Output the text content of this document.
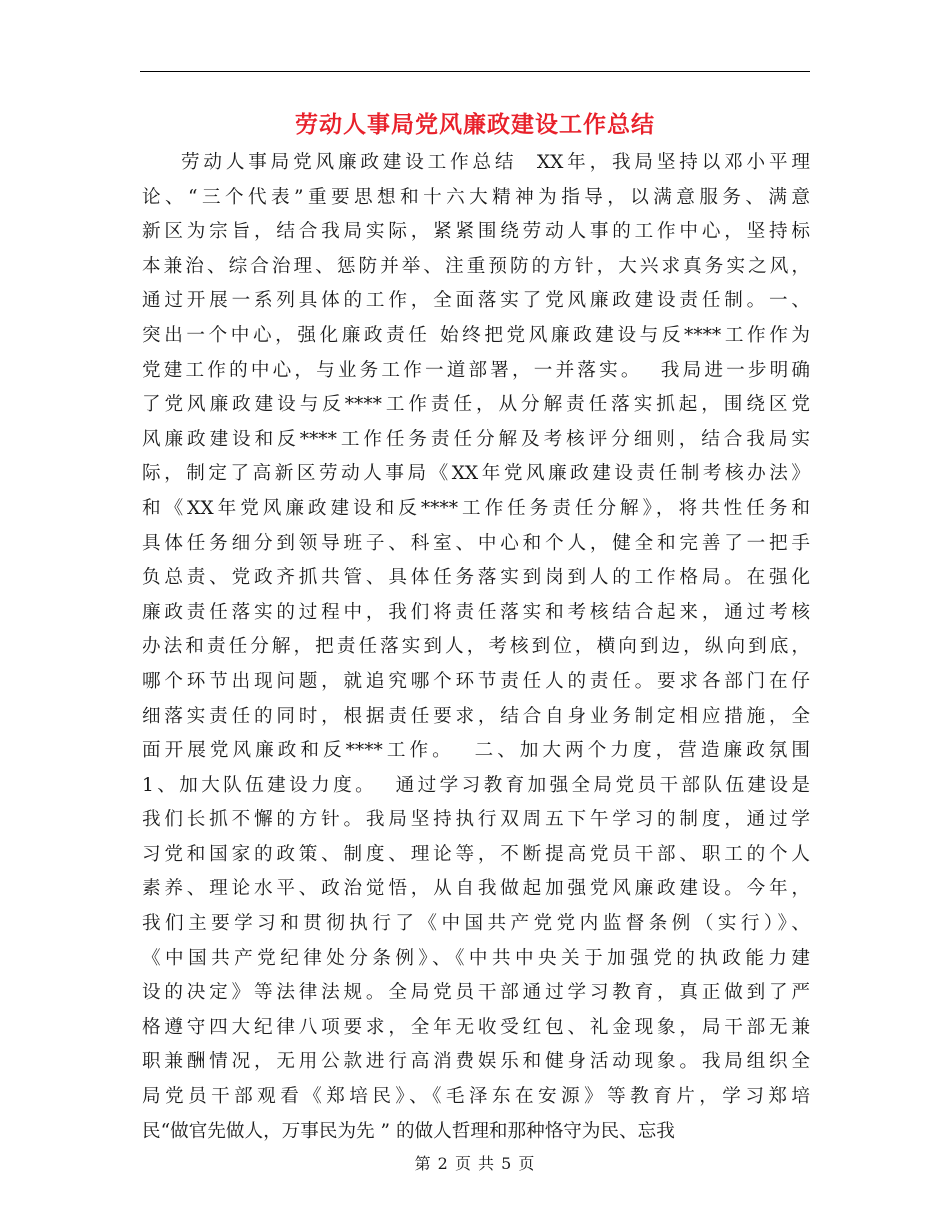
劳动人事局党风廉政建设工作总结
劳动人事局党风廉政建设工作总结  XX年，我局坚持以邓小平理
论、“三个代表”重要思想和十六大精神为指导，以满意服务、满意
新区为宗旨，结合我局实际，紧紧围绕劳动人事的工作中心，坚持标
本兼治、综合治理、惩防并举、注重预防的方针，大兴求真务实之风，
通过开展一系列具体的工作，全面落实了党风廉政建设责任制。一、
突出一个中心，强化廉政责任 始终把党风廉政建设与反****工作作为
党建工作的中心，与业务工作一道部署，一并落实。  我局进一步明确
了党风廉政建设与反****工作责任，从分解责任落实抓起，围绕区党
风廉政建设和反****工作任务责任分解及考核评分细则，结合我局实
际，制定了高新区劳动人事局《XX年党风廉政建设责任制考核办法》
和《XX年党风廉政建设和反****工作任务责任分解》，将共性任务和
具体任务细分到领导班子、科室、中心和个人，健全和完善了一把手
负总责、党政齐抓共管、具体任务落实到岗到人的工作格局。在强化
廉政责任落实的过程中，我们将责任落实和考核结合起来，通过考核
办法和责任分解，把责任落实到人，考核到位，横向到边，纵向到底，
哪个环节出现问题，就追究哪个环节责任人的责任。要求各部门在仔
细落实责任的同时，根据责任要求，结合自身业务制定相应措施，全
面开展党风廉政和反****工作。  二、加大两个力度，营造廉政氛围
1、加大队伍建设力度。  通过学习教育加强全局党员干部队伍建设是
我们长抓不懈的方针。我局坚持执行双周五下午学习的制度，通过学
习党和国家的政策、制度、理论等，不断提高党员干部、职工的个人
素养、理论水平、政治觉悟，从自我做起加强党风廉政建设。今年，
我们主要学习和贯彻执行了《中国共产党党内监督条例（实行）》、
《中国共产党纪律处分条例》、《中共中央关于加强党的执政能力建
设的决定》等法律法规。全局党员干部通过学习教育，真正做到了严
格遵守四大纪律八项要求，全年无收受红包、礼金现象，局干部无兼
职兼酬情况，无用公款进行高消费娱乐和健身活动现象。我局组织全
局党员干部观看《郑培民》、《毛泽东在安源》等教育片，学习郑培
民“做官先做人，万事民为先 ” 的做人哲理和那种恪守为民、忘我
第 2 页 共 5 页
